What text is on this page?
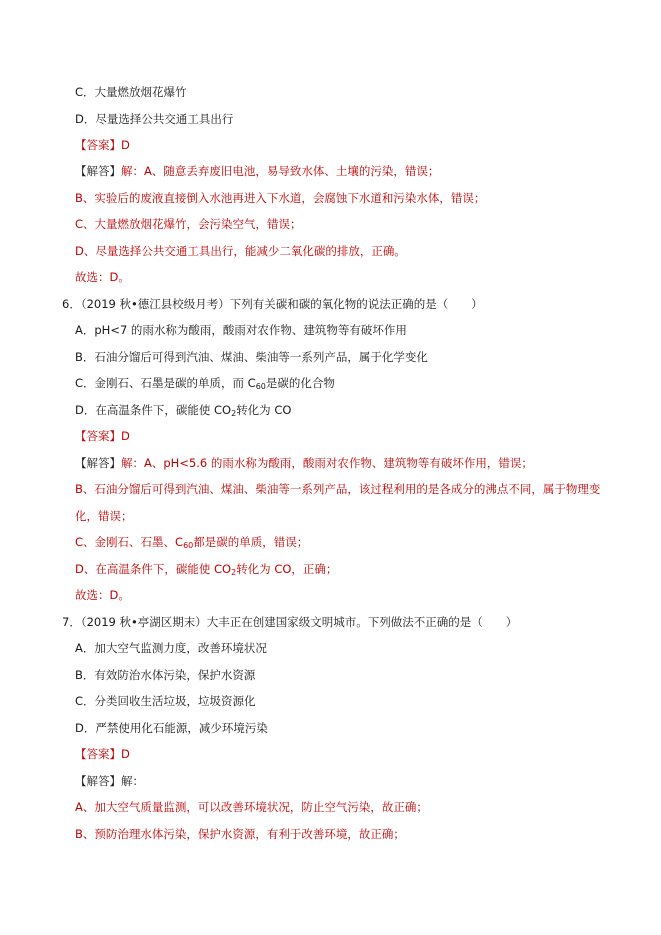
C．大量燃放烟花爆竹
D．尽量选择公共交通工具出行
【答案】D
【解答】解：A、随意丢弃废旧电池，易导致水体、土壤的污染，错误；
B、实验后的废液直接倒入水池再进入下水道，会腐蚀下水道和污染水体，错误；
C、大量燃放烟花爆竹，会污染空气，错误；
D、尽量选择公共交通工具出行，能减少二氧化碳的排放，正确。
故选：D。
6．（2019 秋•德江县校级月考）下列有关碳和碳的氧化物的说法正确的是（　　）
A．pH<7 的雨水称为酸雨，酸雨对农作物、建筑物等有破坏作用
B．石油分馏后可得到汽油、煤油、柴油等一系列产品，属于化学变化
C．金刚石、石墨是碳的单质，而 $C_{60}$是碳的化合物
D．在高温条件下，碳能使 $CO_2$转化为 CO
【答案】D
【解答】解：A、pH<5.6 的雨水称为酸雨，酸雨对农作物、建筑物等有破坏作用，错误；
B、石油分馏后可得到汽油、煤油、柴油等一系列产品，该过程利用的是各成分的沸点不同，属于物理变
化，错误；
C、金刚石、石墨、$C_{60}$都是碳的单质，错误；
D、在高温条件下，碳能使 $CO_2$转化为 CO，正确；
故选：D。
7．（2019 秋•亭湖区期末）大丰正在创建国家级文明城市。下列做法不正确的是（　　）
A．加大空气监测力度，改善环境状况
B．有效防治水体污染，保护水资源
C．分类回收生活垃圾，垃圾资源化
D．严禁使用化石能源，减少环境污染
【答案】D
【解答】解：
A、加大空气质量监测，可以改善环境状况，防止空气污染，故正确；
B、预防治理水体污染，保护水资源，有利于改善环境，故正确；
